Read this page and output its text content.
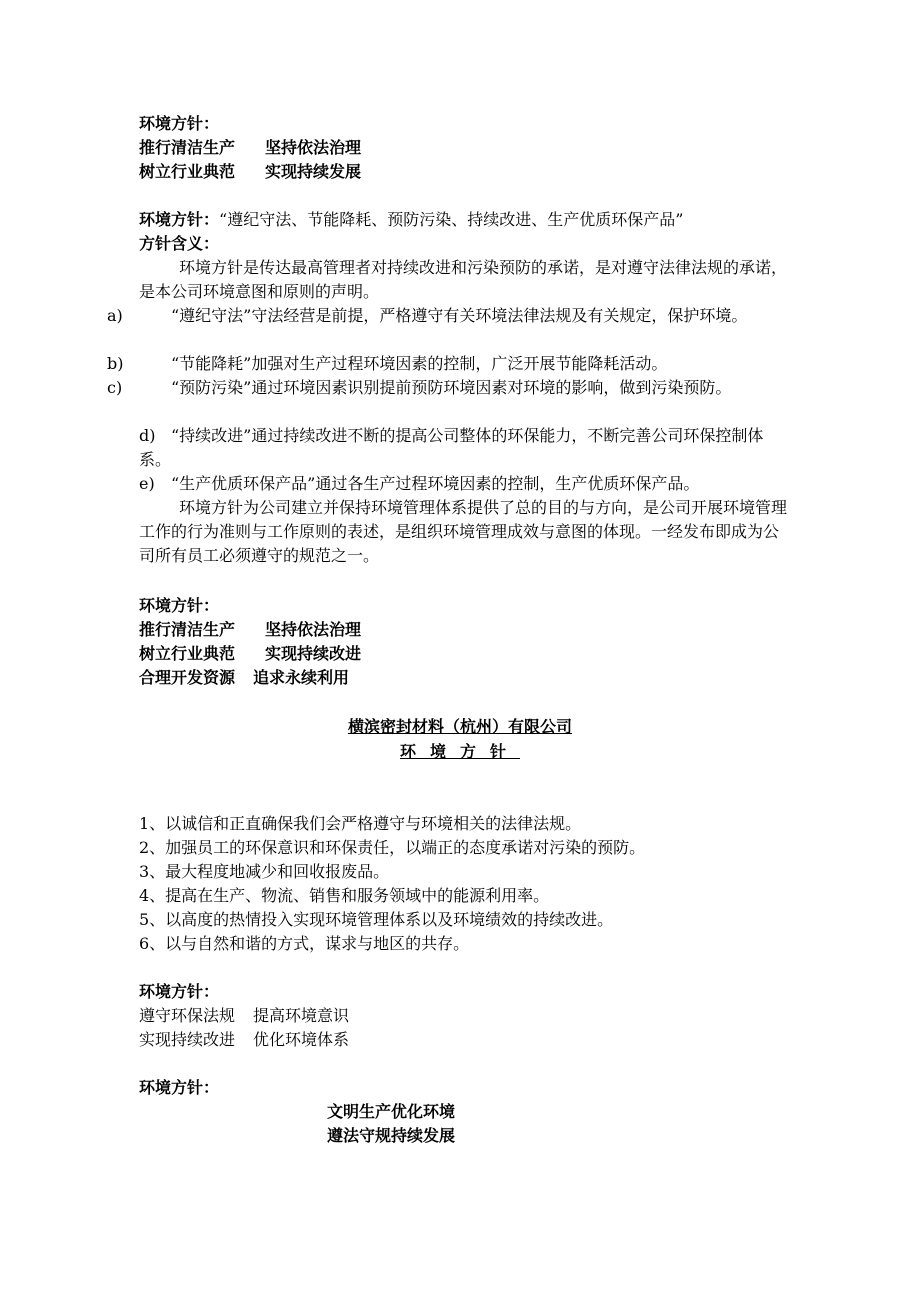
环境方针：
推行清洁生产 坚持依法治理
树立行业典范 实现持续发展
环境方针：“遵纪守法、节能降耗、预防污染、持续改进、生产优质环保产品”
方针含义：
环境方针是传达最高管理者对持续改进和污染预防的承诺，是对遵守法律法规的承诺，是本公司环境意图和原则的声明。
a)	“遵纪守法”守法经营是前提，严格遵守有关环境法律法规及有关规定，保护环境。
b)	“节能降耗”加强对生产过程环境因素的控制，广泛开展节能降耗活动。
c)	“预防污染”通过环境因素识别提前预防环境因素对环境的影响，做到污染预防。
d) “持续改进”通过持续改进不断的提高公司整体的环保能力，不断完善公司环保控制体系。
e) “生产优质环保产品”通过各生产过程环境因素的控制，生产优质环保产品。
环境方针为公司建立并保持环境管理体系提供了总的目的与方向，是公司开展环境管理工作的行为准则与工作原则的表述，是组织环境管理成效与意图的体现。一经发布即成为公司所有员工必须遵守的规范之一。
环境方针：
推行清洁生产 坚持依法治理
树立行业典范 实现持续改进
合理开发资源 追求永续利用
横滨密封材料（杭州）有限公司
环境方针
1、以诚信和正直确保我们会严格遵守与环境相关的法律法规。
2、加强员工的环保意识和环保责任，以端正的态度承诺对污染的预防。
3、最大程度地减少和回收报废品。
4、提高在生产、物流、销售和服务领域中的能源利用率。
5、以高度的热情投入实现环境管理体系以及环境绩效的持续改进。
6、以与自然和谐的方式，谋求与地区的共存。
环境方针：
遵守环保法规 提高环境意识
实现持续改进 优化环境体系
环境方针：
文明生产优化环境
遵法守规持续发展
